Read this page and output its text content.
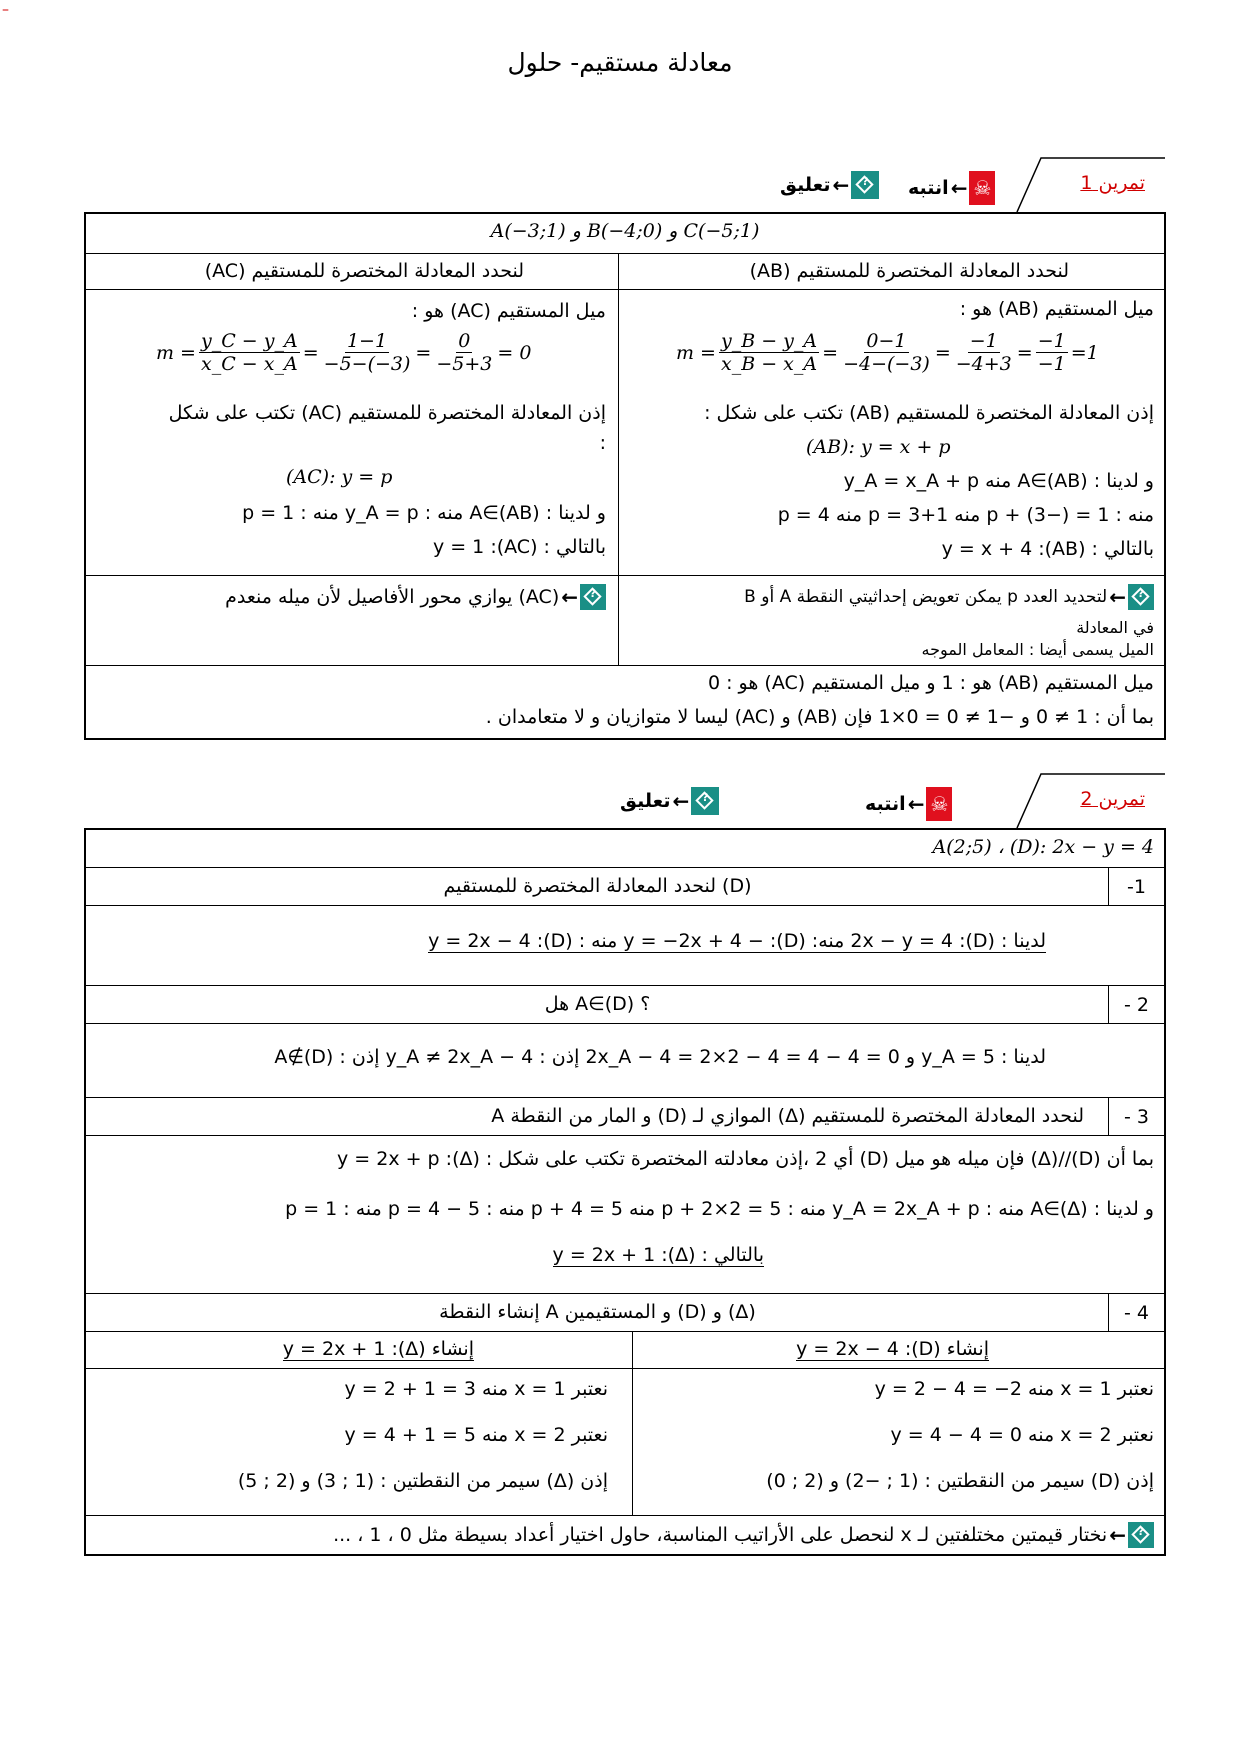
–
معادلة مستقيم- حلول
تمرين 1
☠
←
انتبه
?
←
تعليق
A(−3;1) و B(−4;0) و C(−5;1)
لنحدد المعادلة المختصرة للمستقيم (AB)
لنحدد المعادلة المختصرة للمستقيم (AC)
ميل المستقيم (AB) هو :
$m = \frac{y\_B - y\_A}{x\_B - x\_A} = \frac{0-1}{-4-(-3)} = \frac{-1}{-4+3} = \frac{-1}{-1} =1$
إذن المعادلة المختصرة للمستقيم (AB) تكتب على شكل :
(AB): y = x + p
و لدينا : A∈(AB) منه y_A = x_A + p
منه : 1 = (−3) + p منه 1+3 = p منه 4 = p
بالتالي : (AB): y = x + 4
ميل المستقيم (AC) هو :
$m = \frac{y\_C - y\_A}{x\_C - x\_A} = \frac{1-1}{-5-(-3)} = \frac{0}{-5+3} = 0$
إذن المعادلة المختصرة للمستقيم (AC) تكتب على شكل
:
(AC): y = p
و لدينا : A∈(AB) منه : y_A = p منه : 1 = p
بالتالي : (AC): y = 1
?
←
لتحديد العدد p يمكن تعويض إحداثيتي النقطة A أو B
في المعادلة
الميل يسمى أيضا : المعامل الموجه
?
←
(AC) يوازي محور الأفاصيل لأن ميله منعدم
ميل المستقيم (AB) هو : 1 و ميل المستقيم (AC) هو : 0
بما أن : 1 ≠ 0 و −1 ≠ 0 = 0×1 فإن (AB) و (AC) ليسا لا متوازيان و لا متعامدان .
تمرين 2
☠
←
انتبه
?
←
تعليق
A(2;5) ، (D): 2x − y = 4
-1
لنحدد المعادلة المختصرة للمستقيم (D)
لدينا : (D): 2x − y = 4 منه: (D): − y = −2x + 4 منه : (D): y = 2x − 4
- 2
هل A∈(D) ؟
لدينا : y_A = 5 و 2x_A − 4 = 2×2 − 4 = 4 − 4 = 0 إذن : y_A ≠ 2x_A − 4 إذن : A∉(D)
- 3
لنحدد المعادلة المختصرة للمستقيم (Δ) الموازي لـ (D) و المار من النقطة A
بما أن (D)//(Δ) فإن ميله هو ميل (D) أي 2 ،إذن معادلته المختصرة تكتب على شكل : (Δ): y = 2x + p
و لدينا : A∈(Δ) منه : y_A = 2x_A + p منه : 5 = 2×2 + p منه 5 = 4 + p منه : 5 − 4 = p منه : 1 = p
بالتالي : (Δ): y = 2x + 1
- 4
إنشاء النقطة A و المستقيمين (D) و (Δ)
إنشاء (D): y = 2x − 4
نعتبر x = 1 منه y = 2 − 4 = −2
نعتبر x = 2 منه y = 4 − 4 = 0
إذن (D) سيمر من النقطتين : (1 ; −2) و (2 ; 0)
إنشاء (Δ): y = 2x + 1
نعتبر x = 1 منه y = 2 + 1 = 3
نعتبر x = 2 منه y = 4 + 1 = 5
إذن (Δ) سيمر من النقطتين : (1 ; 3) و (2 ; 5)
?
←
نختار قيمتين مختلفتين لـ x لنحصل على الأراتيب المناسبة، حاول اختيار أعداد بسيطة مثل 0 ، 1 ، ...
